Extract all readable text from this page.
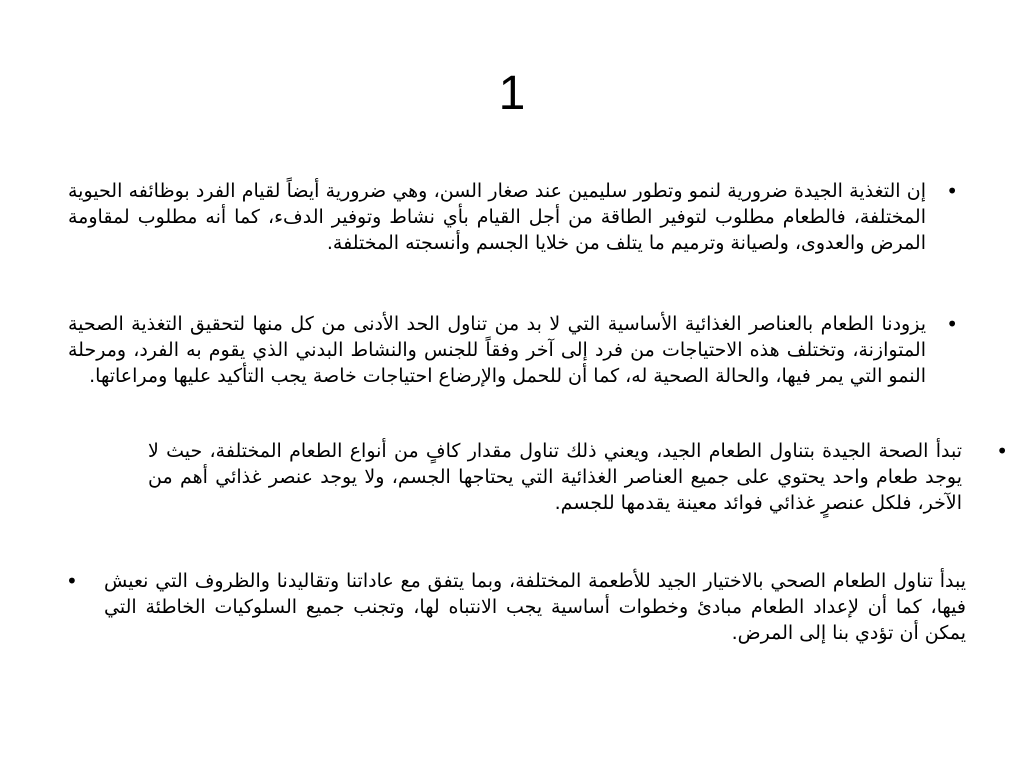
1
•
إن التغذية الجيدة ضرورية لنمو وتطور سليمين عند صغار السن، وهي ضرورية أيضاً لقيام الفرد بوظائفه الحيوية المختلفة، فالطعام مطلوب لتوفير الطاقة من أجل القيام بأي نشاط وتوفير الدفء، كما أنه مطلوب لمقاومة المرض والعدوى، ولصيانة وترميم ما يتلف من خلايا الجسم وأنسجته المختلفة.
•
يزودنا الطعام بالعناصر الغذائية الأساسية التي لا بد من تناول الحد الأدنى من كل منها لتحقيق التغذية الصحية المتوازنة، وتختلف هذه الاحتياجات من فرد إلى آخر وفقاً للجنس والنشاط البدني الذي يقوم به الفرد، ومرحلة النمو التي يمر فيها، والحالة الصحية له، كما أن للحمل والإرضاع احتياجات خاصة يجب التأكيد عليها ومراعاتها.
•
تبدأ الصحة الجيدة بتناول الطعام الجيد، ويعني ذلك تناول مقدار كافٍ من أنواع الطعام المختلفة، حيث لا يوجد طعام واحد يحتوي على جميع العناصر الغذائية التي يحتاجها الجسم، ولا يوجد عنصر غذائي أهم من الآخر، فلكل عنصرٍ غذائي فوائد معينة يقدمها للجسم.
• يبدأ تناول الطعام الصحي بالاختيار الجيد للأطعمة المختلفة، وبما يتفق مع عاداتنا وتقاليدنا والظروف التي نعيش فيها، كما أن لإعداد الطعام مبادئ وخطوات أساسية يجب الانتباه لها، وتجنب جميع السلوكيات الخاطئة التي يمكن أن تؤدي بنا إلى المرض.
